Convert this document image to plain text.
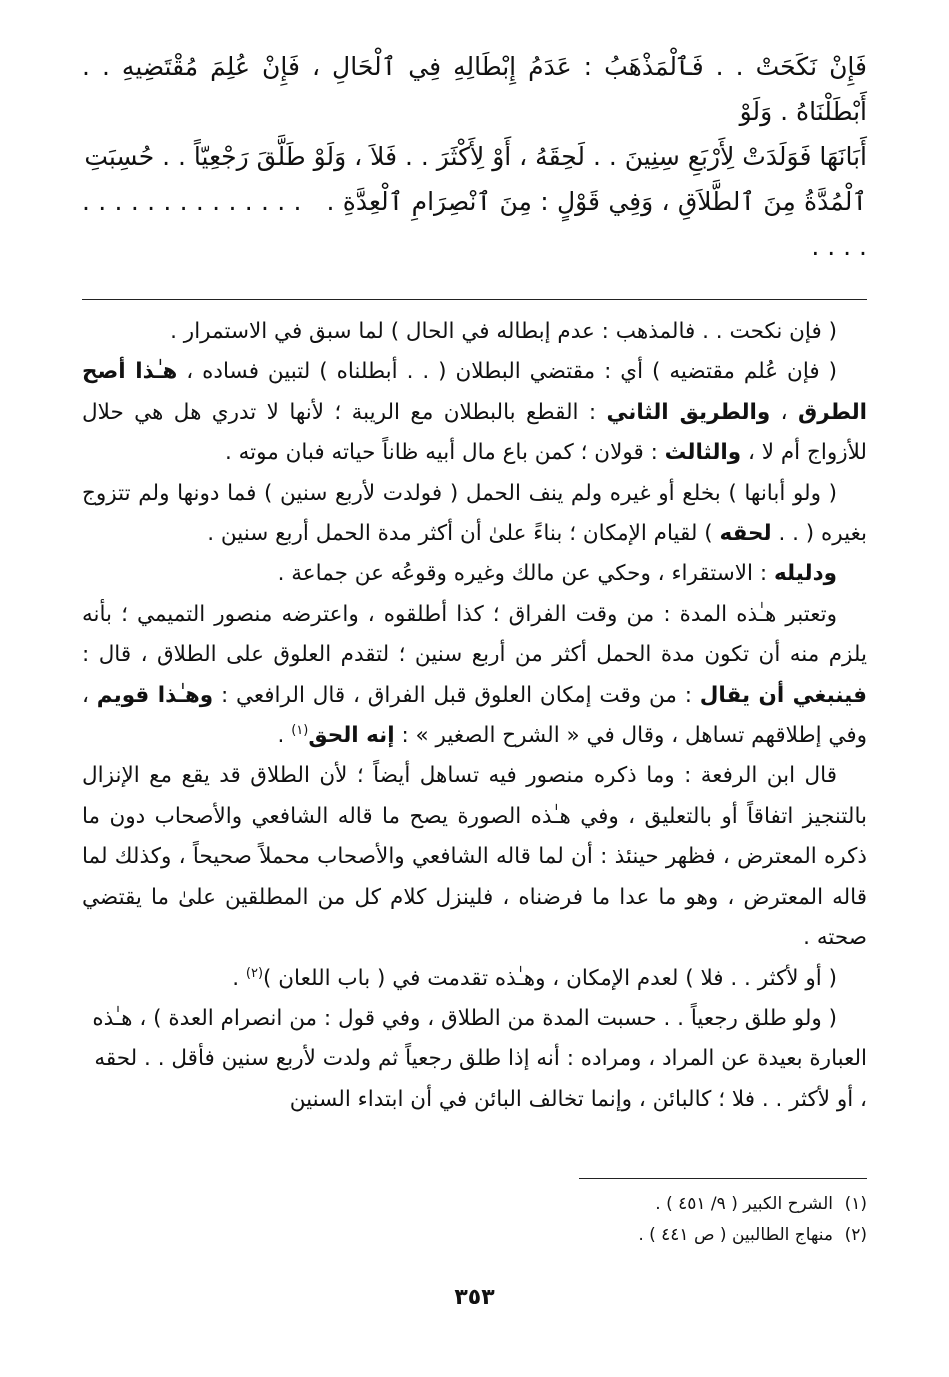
فَإِنْ نَكَحَتْ . . فَٱلْمَذْهَبُ : عَدَمُ إِبْطَالِهِ فِي ٱلْحَالِ ، فَإِنْ عُلِمَ مُقْتَضِيهِ . . أَبْطَلْنَاهُ . وَلَوْ

أَبَانَهَا فَوَلَدَتْ لِأَرْبَعِ سِنِينَ . . لَحِقَهُ ، أَوْ لِأَكْثَرَ . . فَلاَ ، وَلَوْ طَلَّقَ رَجْعِيّاً . . حُسِبَتِ

ٱلْمُدَّةُ مِنَ ٱلطَّلاَقِ ، وَفِي قَوْلٍ : مِنَ ٱنْصِرَامِ ٱلْعِدَّةِ .   . . . . . . . . . . . . . . . . . .

( فإن نكحت . . فالمذهب : عدم إبطاله في الحال ) لما سبق في الاستمرار .

( فإن عُلم مقتضيه ) أي : مقتضي البطلان ( . . أبطلناه ) لتبين فساده ، هـٰذا أصح الطرق ، والطريق الثاني : القطع بالبطلان مع الريبة ؛ لأنها لا تدري هل هي حلال للأزواج أم لا ، والثالث : قولان ؛ كمن باع مال أبيه ظاناً حياته فبان موته .

( ولو أبانها ) بخلع أو غيره ولم ينف الحمل ( فولدت لأربع سنين ) فما دونها ولم تتزوج بغيره ( . . لحقه ) لقيام الإمكان ؛ بناءً علىٰ أن أكثر مدة الحمل أربع سنين .

ودليله : الاستقراء ، وحكي عن مالك وغيره وقوعُه عن جماعة .

وتعتبر هـٰذه المدة : من وقت الفراق ؛ كذا أطلقوه ، واعترضه منصور التميمي ؛ بأنه يلزم منه أن تكون مدة الحمل أكثر من أربع سنين ؛ لتقدم العلوق على الطلاق ، قال : فينبغي أن يقال : من وقت إمكان العلوق قبل الفراق ، قال الرافعي : وهـٰذا قويم ، وفي إطلاقهم تساهل ، وقال في « الشرح الصغير » : إنه الحق$^{(١)}$ .

قال ابن الرفعة : وما ذكره منصور فيه تساهل أيضاً ؛ لأن الطلاق قد يقع مع الإنزال بالتنجيز اتفاقاً أو بالتعليق ، وفي هـٰذه الصورة يصح ما قاله الشافعي والأصحاب دون ما ذكره المعترض ، فظهر حينئذ : أن لما قاله الشافعي والأصحاب محملاً صحيحاً ، وكذلك لما قاله المعترض ، وهو ما عدا ما فرضناه ، فلينزل كلام كل من المطلقين علىٰ ما يقتضي صحته .

( أو لأكثر . . فلا ) لعدم الإمكان ، وهـٰذه تقدمت في ( باب اللعان )$^{(٢)}$ .

( ولو طلق رجعياً . . حسبت المدة من الطلاق ، وفي قول : من انصرام العدة ) ، هـٰذه العبارة بعيدة عن المراد ، ومراده : أنه إذا طلق رجعياً ثم ولدت لأربع سنين فأقل . . لحقه ، أو لأكثر . . فلا ؛ كالبائن ، وإنما تخالف البائن في أن ابتداء السنين

(١)الشرح الكبير ( ٩/ ٤٥١ ) .

(٢)منهاج الطالبين ( ص ٤٤١ ) .

٣٥٣
